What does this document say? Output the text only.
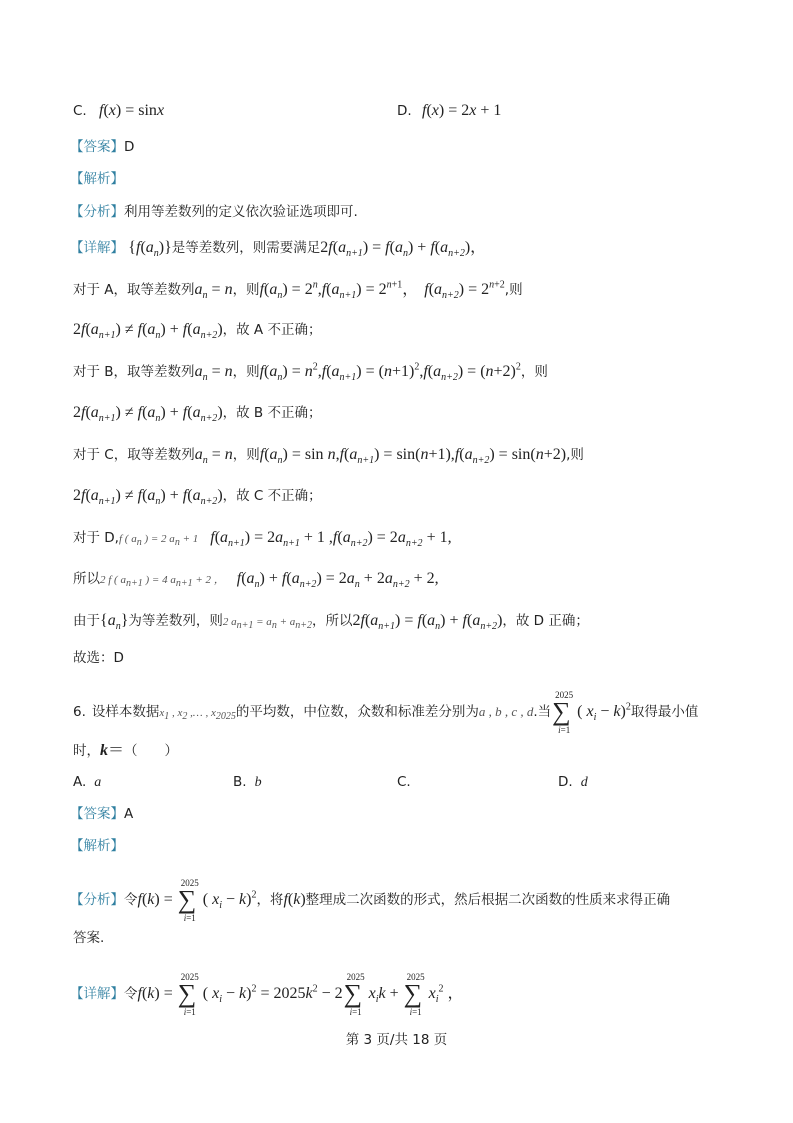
C. f(x) = sinx	D. f(x) = 2x + 1
【答案】D
【解析】
【分析】利用等差数列的定义依次验证选项即可.
【详解】 $\{f(a_n)\}$是等差数列，则需要满足$2f(a_{n+1}) = f(a_n) + f(a_{n+2})$，
对于 A，取等差数列$a_n = n$，则$f(a_n) = 2^n,f(a_{n+1}) = 2^{n+1}$， $f(a_{n+2}) = 2^{n+2}$,则
$2f(a_{n+1}) \ne f(a_n) + f(a_{n+2})$，故 A 不正确；
对于 B，取等差数列$a_n = n$，则$f(a_n) = n^2,f(a_{n+1}) = (n+1)^2,f(a_{n+2}) = (n+2)^2$，则
$2f(a_{n+1}) \ne f(a_n) + f(a_{n+2})$，故 B 不正确；
对于 C，取等差数列$a_n = n$，则$f(a_n) = \sin n,f(a_{n+1}) = \sin(n+1),f(a_{n+2}) = \sin(n+2)$,则
$2f(a_{n+1}) \ne f(a_n) + f(a_{n+2})$，故 C 不正确；
对于 D,f ( $a_n$ ) = 2 $a_n + 1$ $f(a_{n+1}) = 2a_{n+1} + 1$ $,f(a_{n+2}) = 2a_{n+2} + 1$,
所以2 f ( $a_{n+1}$ ) = 4 $a_{n+1} + 2$ ， $f(a_n) + f(a_{n+2}) = 2a_n + 2a_{n+2} + 2$,
由于$\{a_n\}$为等差数列，则2 $a_{n+1} = a_n + a_{n+2}$，所以$2f(a_{n+1}) = f(a_n) + f(a_{n+2})$，故 D 正确；
故选：D
6. 设样本数据$x_1$ , $x_2$ ,… , $x_{2025}$的平均数，中位数，众数和标准差分别为a , b , c , d.当
2025
∑
i=1
( $x_i - k)^2$取得最小值
时，k＝（　　）
A. a	B. b	C.	D. d
【答案】A
【解析】
【分析】令f(k) =
2025
∑
i=1
( $x_i - k)^2$，将f(k)整理成二次函数的形式，然后根据二次函数的性质来求得正确
答案.
【详解】令f(k) =
2025
∑
i=1
( $x_i - k)^2 = 2025k^2 - 2$
2025
∑
i=1
$x_ik$ +
2025
∑
i=1
$x_i^2$ ，
第 3 页/共 18 页
